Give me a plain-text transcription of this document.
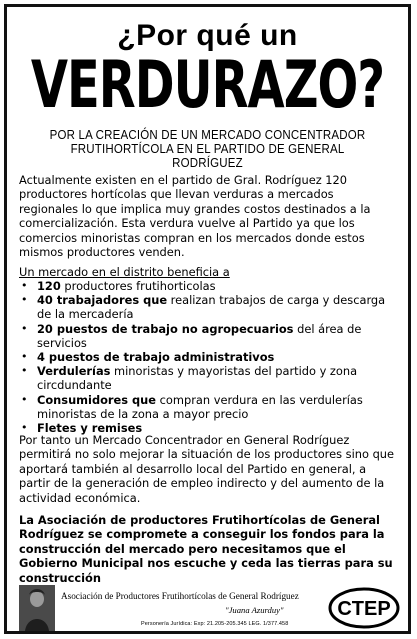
¿Por qué un
VERDURAZO?
POR LA CREACIÓN DE UN MERCADO CONCENTRADOR FRUTIHORTÍCOLA EN EL PARTIDO DE GENERAL RODRÍGUEZ
Actualmente existen en el partido de Gral. Rodríguez 120 productores hortícolas que llevan verduras a mercados regionales lo que implica muy grandes costos destinados a la comercialización. Esta verdura vuelve al Partido ya que los comercios minoristas compran en los mercados donde estos mismos productores venden.
Un mercado en el distrito beneficia a
• 120 productores frutihorticolas
• 40 trabajadores que realizan trabajos de carga y descarga de la mercadería
• 20 puestos de trabajo no agropecuarios del área de servicios
• 4 puestos de trabajo administrativos
• Verdulerías minoristas y mayoristas del partido y zona circdundante
• Consumidores que compran verdura en las verdulerías minoristas de la zona a mayor precio
• Fletes y remises
Por tanto un Mercado Concentrador en General Rodríguez permitirá no solo mejorar la situación de los productores sino que aportará también al desarrollo local del Partido en general, a partir de la generación de empleo indirecto y del aumento de la actividad económica.
La Asociación de productores Frutihortícolas de General Rodríguez se compromete a conseguir los fondos para la construcción del mercado pero necesitamos que el Gobierno Municipal nos escuche y ceda las tierras para su construcción
Asociación de Productores Frutihortícolas de General Rodríguez
"Juana Azurduy"
Personería Jurídica: Exp: 21.205-205.345 LEG. 1/377.458
CTEP
